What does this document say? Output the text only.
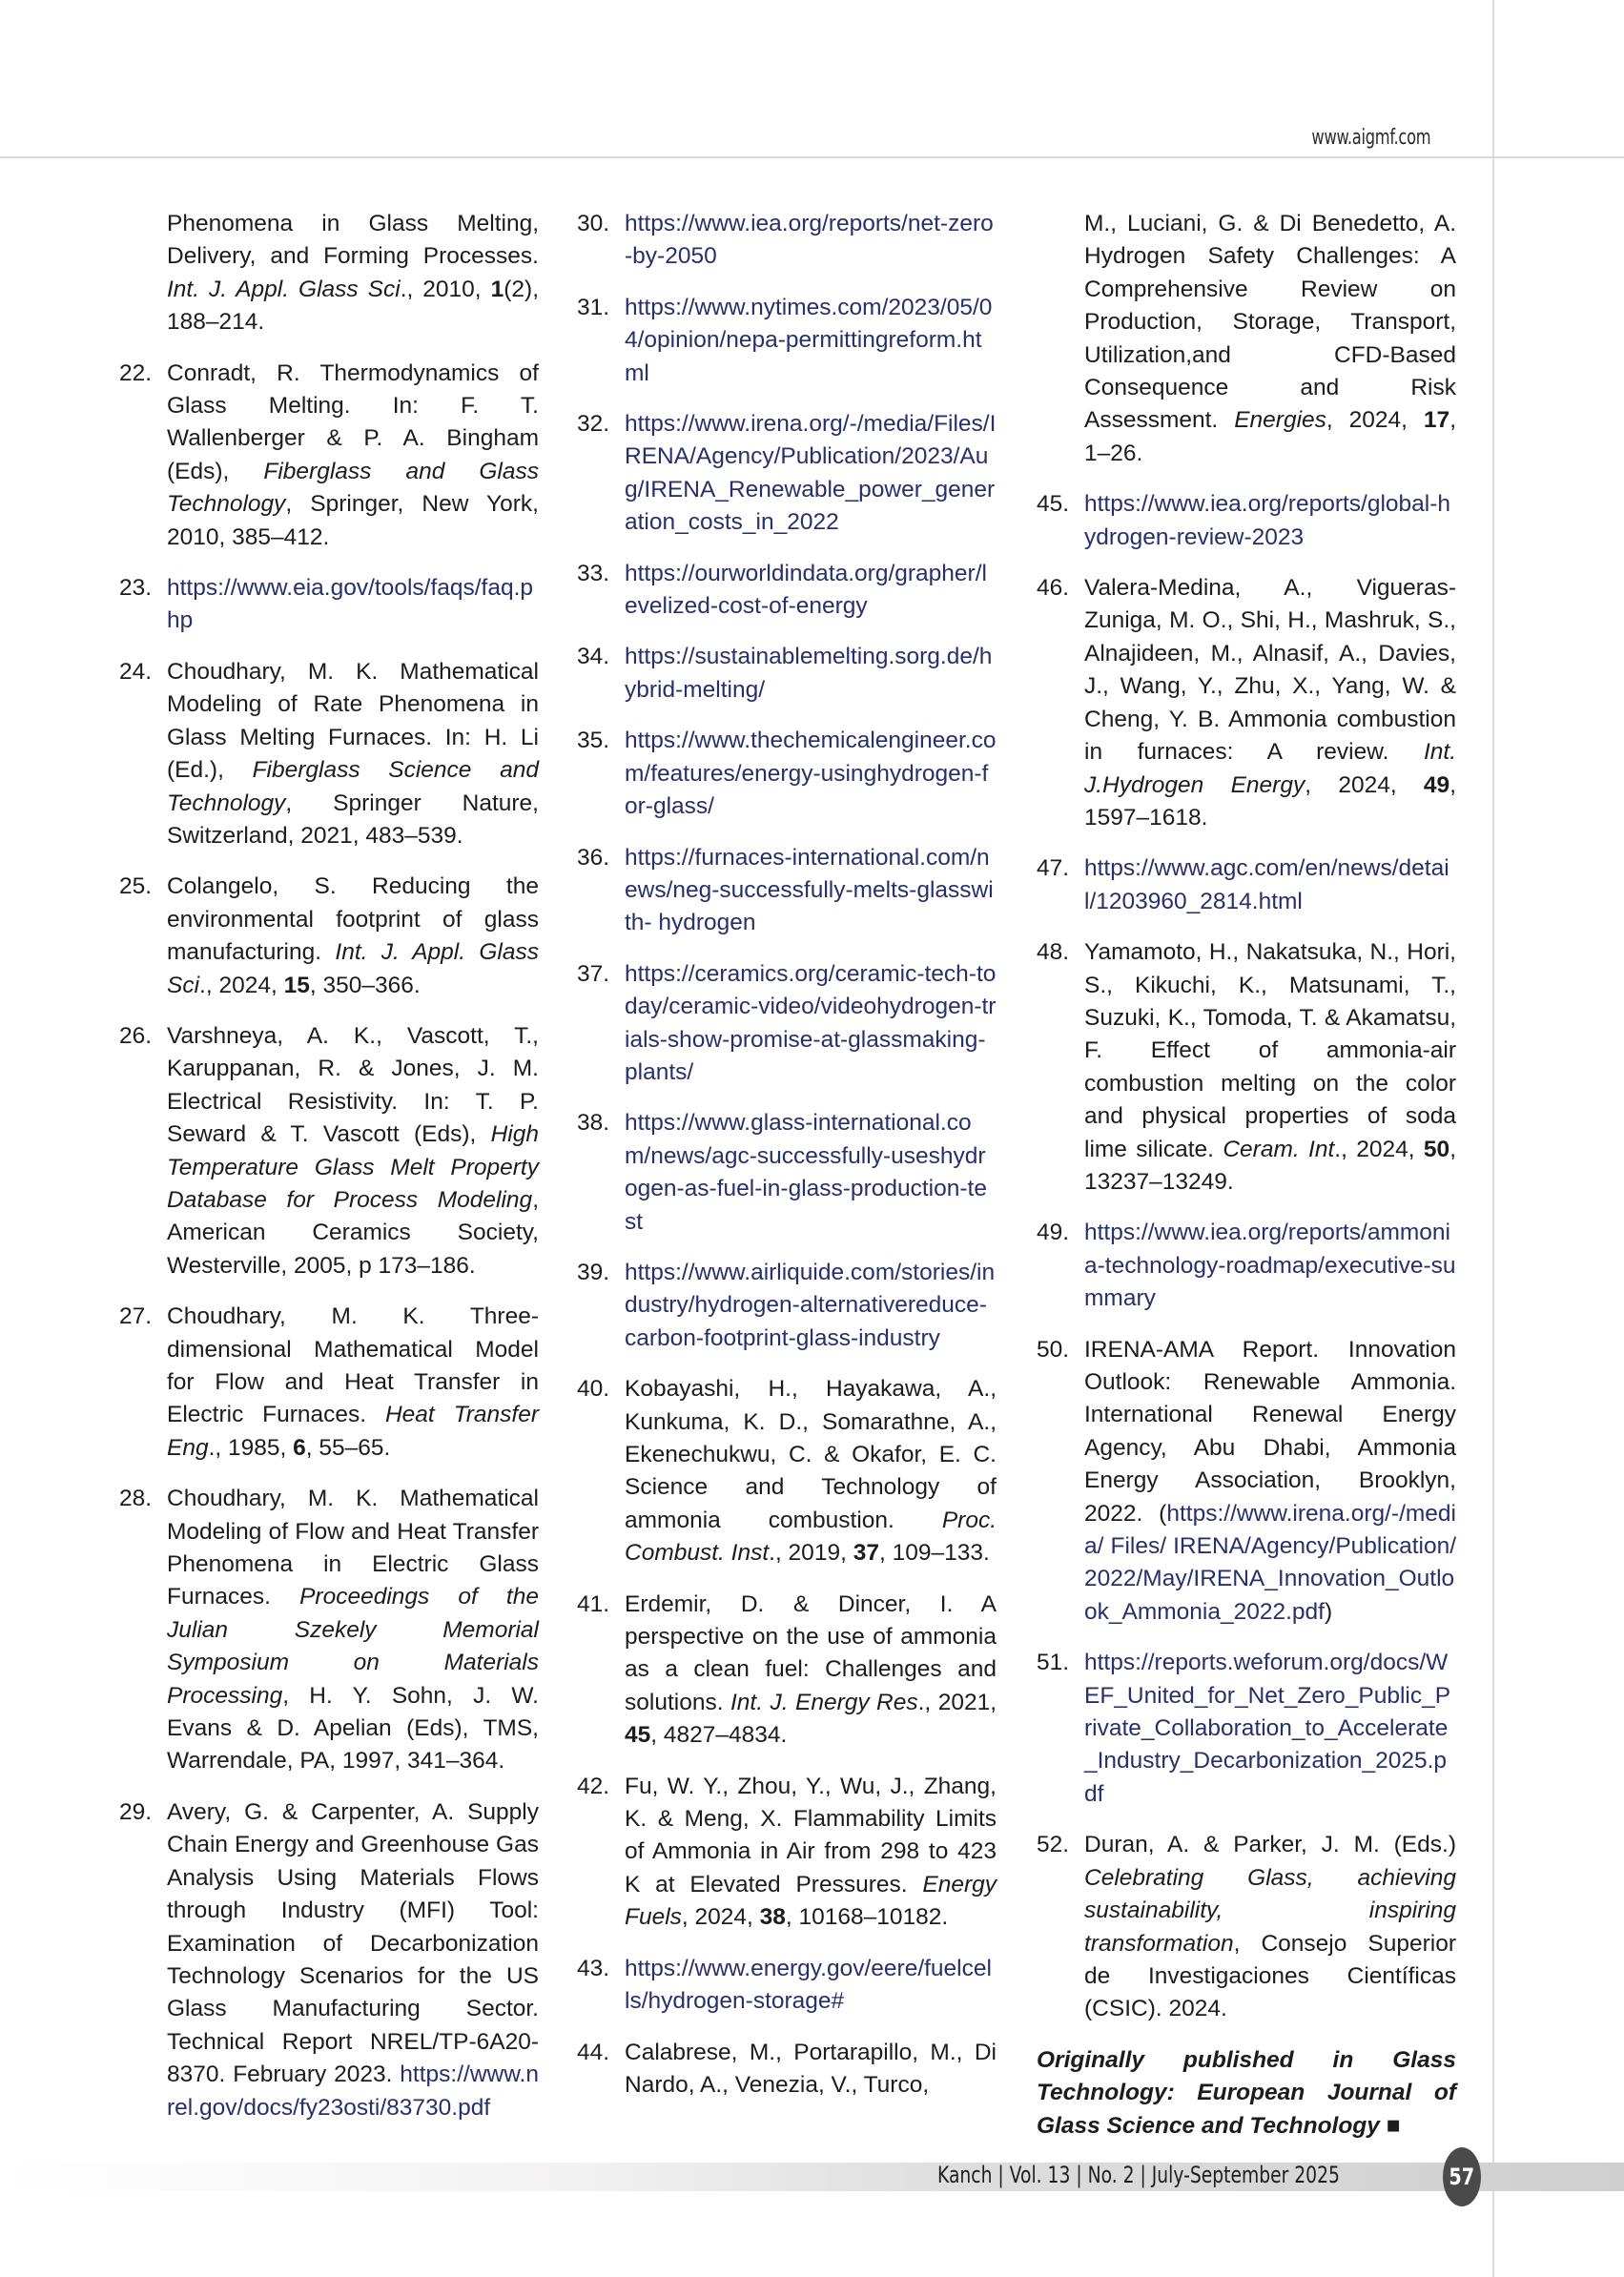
www.aigmf.com
Phenomena in Glass Melting, Delivery, and Forming Processes. Int. J. Appl. Glass Sci., 2010, 1(2), 188–214.
22. Conradt, R. Thermodynamics of Glass Melting. In: F. T. Wallenberger & P. A. Bingham (Eds), Fiberglass and Glass Technology, Springer, New York, 2010, 385–412.
23. https://www.eia.gov/tools/faqs/faq.php
24. Choudhary, M. K. Mathematical Modeling of Rate Phenomena in Glass Melting Furnaces. In: H. Li (Ed.), Fiberglass Science and Technology, Springer Nature, Switzerland, 2021, 483–539.
25. Colangelo, S. Reducing the environmental footprint of glass manufacturing. Int. J. Appl. Glass Sci., 2024, 15, 350–366.
26. Varshneya, A. K., Vascott, T., Karuppanan, R. & Jones, J. M. Electrical Resistivity. In: T. P. Seward & T. Vascott (Eds), High Temperature Glass Melt Property Database for Process Modeling, American Ceramics Society, Westerville, 2005, p 173–186.
27. Choudhary, M. K. Three-dimensional Mathematical Model for Flow and Heat Transfer in Electric Furnaces. Heat Transfer Eng., 1985, 6, 55–65.
28. Choudhary, M. K. Mathematical Modeling of Flow and Heat Transfer Phenomena in Electric Glass Furnaces. Proceedings of the Julian Szekely Memorial Symposium on Materials Processing, H. Y. Sohn, J. W. Evans & D. Apelian (Eds), TMS, Warrendale, PA, 1997, 341–364.
29. Avery, G. & Carpenter, A. Supply Chain Energy and Greenhouse Gas Analysis Using Materials Flows through Industry (MFI) Tool: Examination of Decarbonization Technology Scenarios for the US Glass Manufacturing Sector. Technical Report NREL/TP-6A20-8370. February 2023. https://www.nrel.gov/docs/fy23osti/83730.pdf
30. https://www.iea.org/reports/net-zero-by-2050
31. https://www.nytimes.com/2023/05/04/opinion/nepa-permittingreform.html
32. https://www.irena.org/-/media/Files/IRENA/Agency/Publication/2023/Aug/IRENA_Renewable_power_generation_costs_in_2022
33. https://ourworldindata.org/grapher/levelized-cost-of-energy
34. https://sustainablemelting.sorg.de/hybrid-melting/
35. https://www.thechemicalengineer.com/features/energy-usinghydrogen-for-glass/
36. https://furnaces-international.com/news/neg-successfully-melts-glasswith- hydrogen
37. https://ceramics.org/ceramic-tech-today/ceramic-video/videohydrogen-trials-show-promise-at-glassmaking-plants/
38. https://www.glass-international.com/news/agc-successfully-useshydrogen-as-fuel-in-glass-production-test
39. https://www.airliquide.com/stories/industry/hydrogen-alternativereduce-carbon-footprint-glass-industry
40. Kobayashi, H., Hayakawa, A., Kunkuma, K. D., Somarathne, A., Ekenechukwu, C. & Okafor, E. C. Science and Technology of ammonia combustion. Proc. Combust. Inst., 2019, 37, 109–133.
41. Erdemir, D. & Dincer, I. A perspective on the use of ammonia as a clean fuel: Challenges and solutions. Int. J. Energy Res., 2021, 45, 4827–4834.
42. Fu, W. Y., Zhou, Y., Wu, J., Zhang, K. & Meng, X. Flammability Limits of Ammonia in Air from 298 to 423 K at Elevated Pressures. Energy Fuels, 2024, 38, 10168–10182.
43. https://www.energy.gov/eere/fuelcells/hydrogen-storage#
44. Calabrese, M., Portarapillo, M., Di Nardo, A., Venezia, V., Turco,
M., Luciani, G. & Di Benedetto, A. Hydrogen Safety Challenges: A Comprehensive Review on Production, Storage, Transport, Utilization,and CFD-Based Consequence and Risk Assessment. Energies, 2024, 17, 1–26.
45. https://www.iea.org/reports/global-hydrogen-review-2023
46. Valera-Medina, A., Vigueras-Zuniga, M. O., Shi, H., Mashruk, S., Alnajideen, M., Alnasif, A., Davies, J., Wang, Y., Zhu, X., Yang, W. & Cheng, Y. B. Ammonia combustion in furnaces: A review. Int. J.Hydrogen Energy, 2024, 49, 1597–1618.
47. https://www.agc.com/en/news/detail/1203960_2814.html
48. Yamamoto, H., Nakatsuka, N., Hori, S., Kikuchi, K., Matsunami, T., Suzuki, K., Tomoda, T. & Akamatsu, F. Effect of ammonia-air combustion melting on the color and physical properties of soda lime silicate. Ceram. Int., 2024, 50, 13237–13249.
49. https://www.iea.org/reports/ammonia-technology-roadmap/executive-summary
50. IRENA-AMA Report. Innovation Outlook: Renewable Ammonia. International Renewal Energy Agency, Abu Dhabi, Ammonia Energy Association, Brooklyn, 2022. (https://www.irena.org/-/media/ Files/ IRENA/Agency/Publication/2022/May/IRENA_Innovation_Outlook_Ammonia_2022.pdf)
51. https://reports.weforum.org/docs/WEF_United_for_Net_Zero_Public_Private_Collaboration_to_Accelerate_Industry_Decarbonization_2025.pdf
52. Duran, A. & Parker, J. M. (Eds.) Celebrating Glass, achieving sustainability, inspiring transformation, Consejo Superior de Investigaciones Científicas (CSIC). 2024.
Originally published in Glass Technology: European Journal of Glass Science and Technology ■
Kanch | Vol. 13 | No. 2 | July-September 2025	57
